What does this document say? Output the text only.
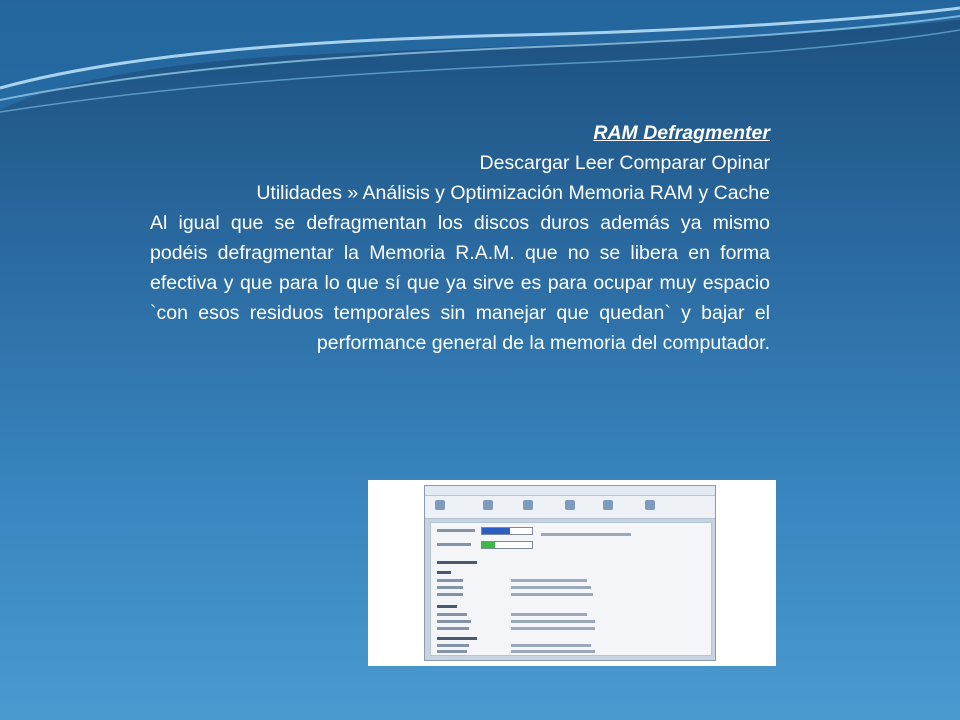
RAM Defragmenter
Descargar Leer Comparar Opinar
Utilidades » Análisis y Optimización Memoria RAM y Cache
Al igual que se defragmentan los discos duros además ya mismo podéis defragmentar la Memoria R.A.M. que no se libera en forma efectiva y que para lo que sí que ya sirve es para ocupar muy espacio `con esos residuos temporales sin manejar que quedan` y bajar el performance general de la memoria del computador.
